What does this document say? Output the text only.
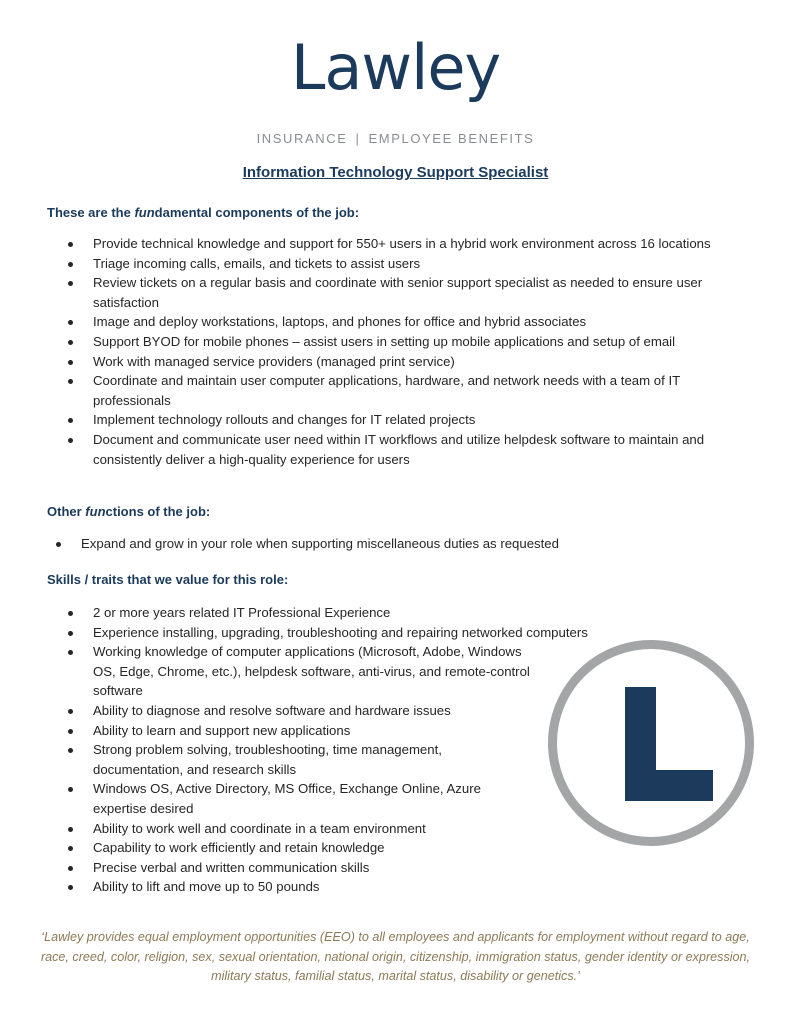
Lawley
INSURANCE | EMPLOYEE BENEFITS
Information Technology Support Specialist
These are the fundamental components of the job:
Provide technical knowledge and support for 550+ users in a hybrid work environment across 16 locations
Triage incoming calls, emails, and tickets to assist users
Review tickets on a regular basis and coordinate with senior support specialist as needed to ensure user satisfaction
Image and deploy workstations, laptops, and phones for office and hybrid associates
Support BYOD for mobile phones – assist users in setting up mobile applications and setup of email
Work with managed service providers (managed print service)
Coordinate and maintain user computer applications, hardware, and network needs with a team of IT professionals
Implement technology rollouts and changes for IT related projects
Document and communicate user need within IT workflows and utilize helpdesk software to maintain and consistently deliver a high-quality experience for users
Other functions of the job:
Expand and grow in your role when supporting miscellaneous duties as requested
Skills / traits that we value for this role:
2 or more years related IT Professional Experience
Experience installing, upgrading, troubleshooting and repairing networked computers
Working knowledge of computer applications (Microsoft, Adobe, Windows OS, Edge, Chrome, etc.), helpdesk software, anti-virus, and remote-control software
Ability to diagnose and resolve software and hardware issues
Ability to learn and support new applications
Strong problem solving, troubleshooting, time management, documentation, and research skills
Windows OS, Active Directory, MS Office, Exchange Online, Azure expertise desired
Ability to work well and coordinate in a team environment
Capability to work efficiently and retain knowledge
Precise verbal and written communication skills
Ability to lift and move up to 50 pounds
‘Lawley provides equal employment opportunities (EEO) to all employees and applicants for employment without regard to age, race, creed, color, religion, sex, sexual orientation, national origin, citizenship, immigration status, gender identity or expression, military status, familial status, marital status, disability or genetics.’
